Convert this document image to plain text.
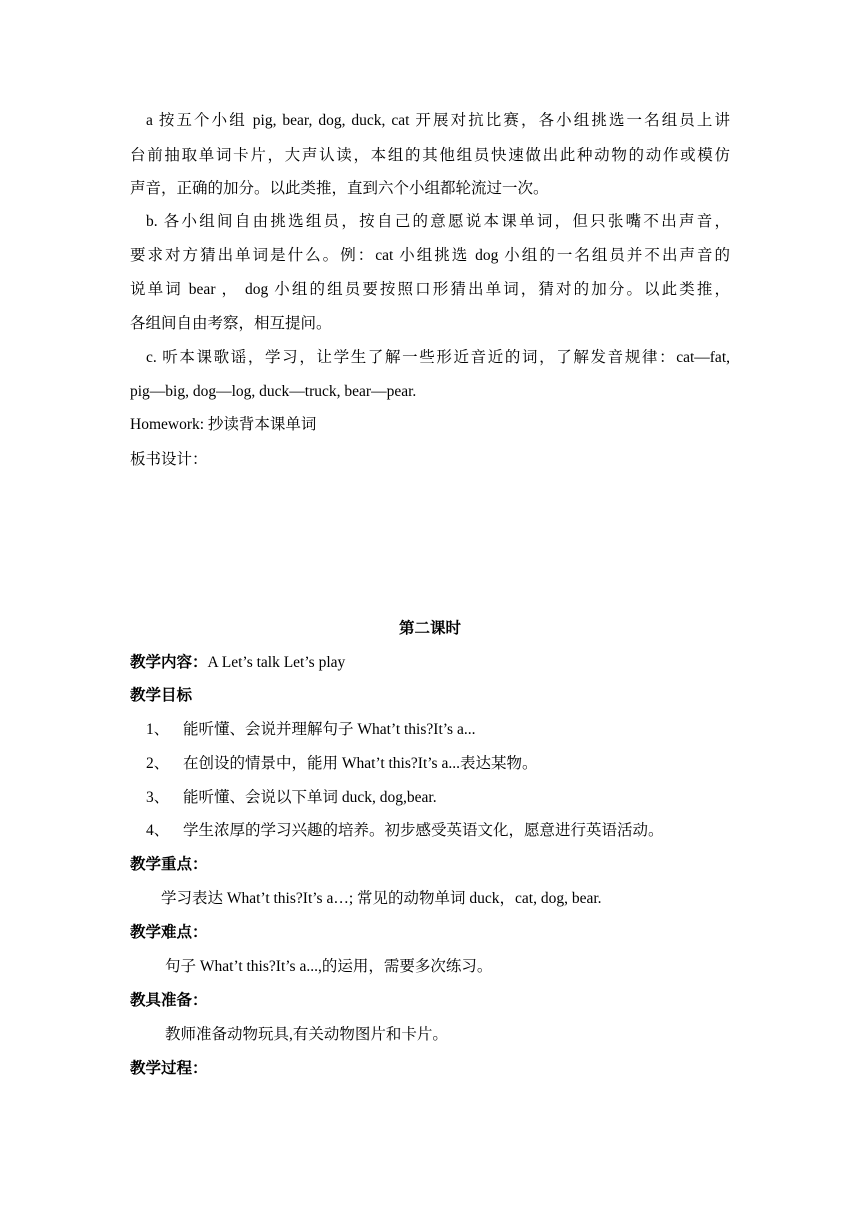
a 按五个小组 pig, bear, dog, duck, cat 开展对抗比赛，各小组挑选一名组员上讲
台前抽取单词卡片，大声认读，本组的其他组员快速做出此种动物的动作或模仿
声音，正确的加分。以此类推，直到六个小组都轮流过一次。
b. 各小组间自由挑选组员，按自己的意愿说本课单词，但只张嘴不出声音，
要求对方猜出单词是什么。例：cat 小组挑选 dog 小组的一名组员并不出声音的
说单词 bear ， dog 小组的组员要按照口形猜出单词，猜对的加分。以此类推，
各组间自由考察，相互提问。
c. 听本课歌谣，学习，让学生了解一些形近音近的词，了解发音规律：cat—fat,
pig—big, dog—log, duck—truck, bear—pear.
Homework: 抄读背本课单词
板书设计：
第二课时
教学内容：A Let’s talk Let’s play
教学目标
1、 能听懂、会说并理解句子 What’t this?It’s a...
2、 在创设的情景中，能用 What’t this?It’s a...表达某物。
3、 能听懂、会说以下单词 duck, dog,bear.
4、 学生浓厚的学习兴趣的培养。初步感受英语文化，愿意进行英语活动。
教学重点：
学习表达 What’t this?It’s a…; 常见的动物单词 duck，cat, dog, bear.
教学难点：
句子 What’t this?It’s a...,的运用，需要多次练习。
教具准备：
教师准备动物玩具,有关动物图片和卡片。
教学过程：
